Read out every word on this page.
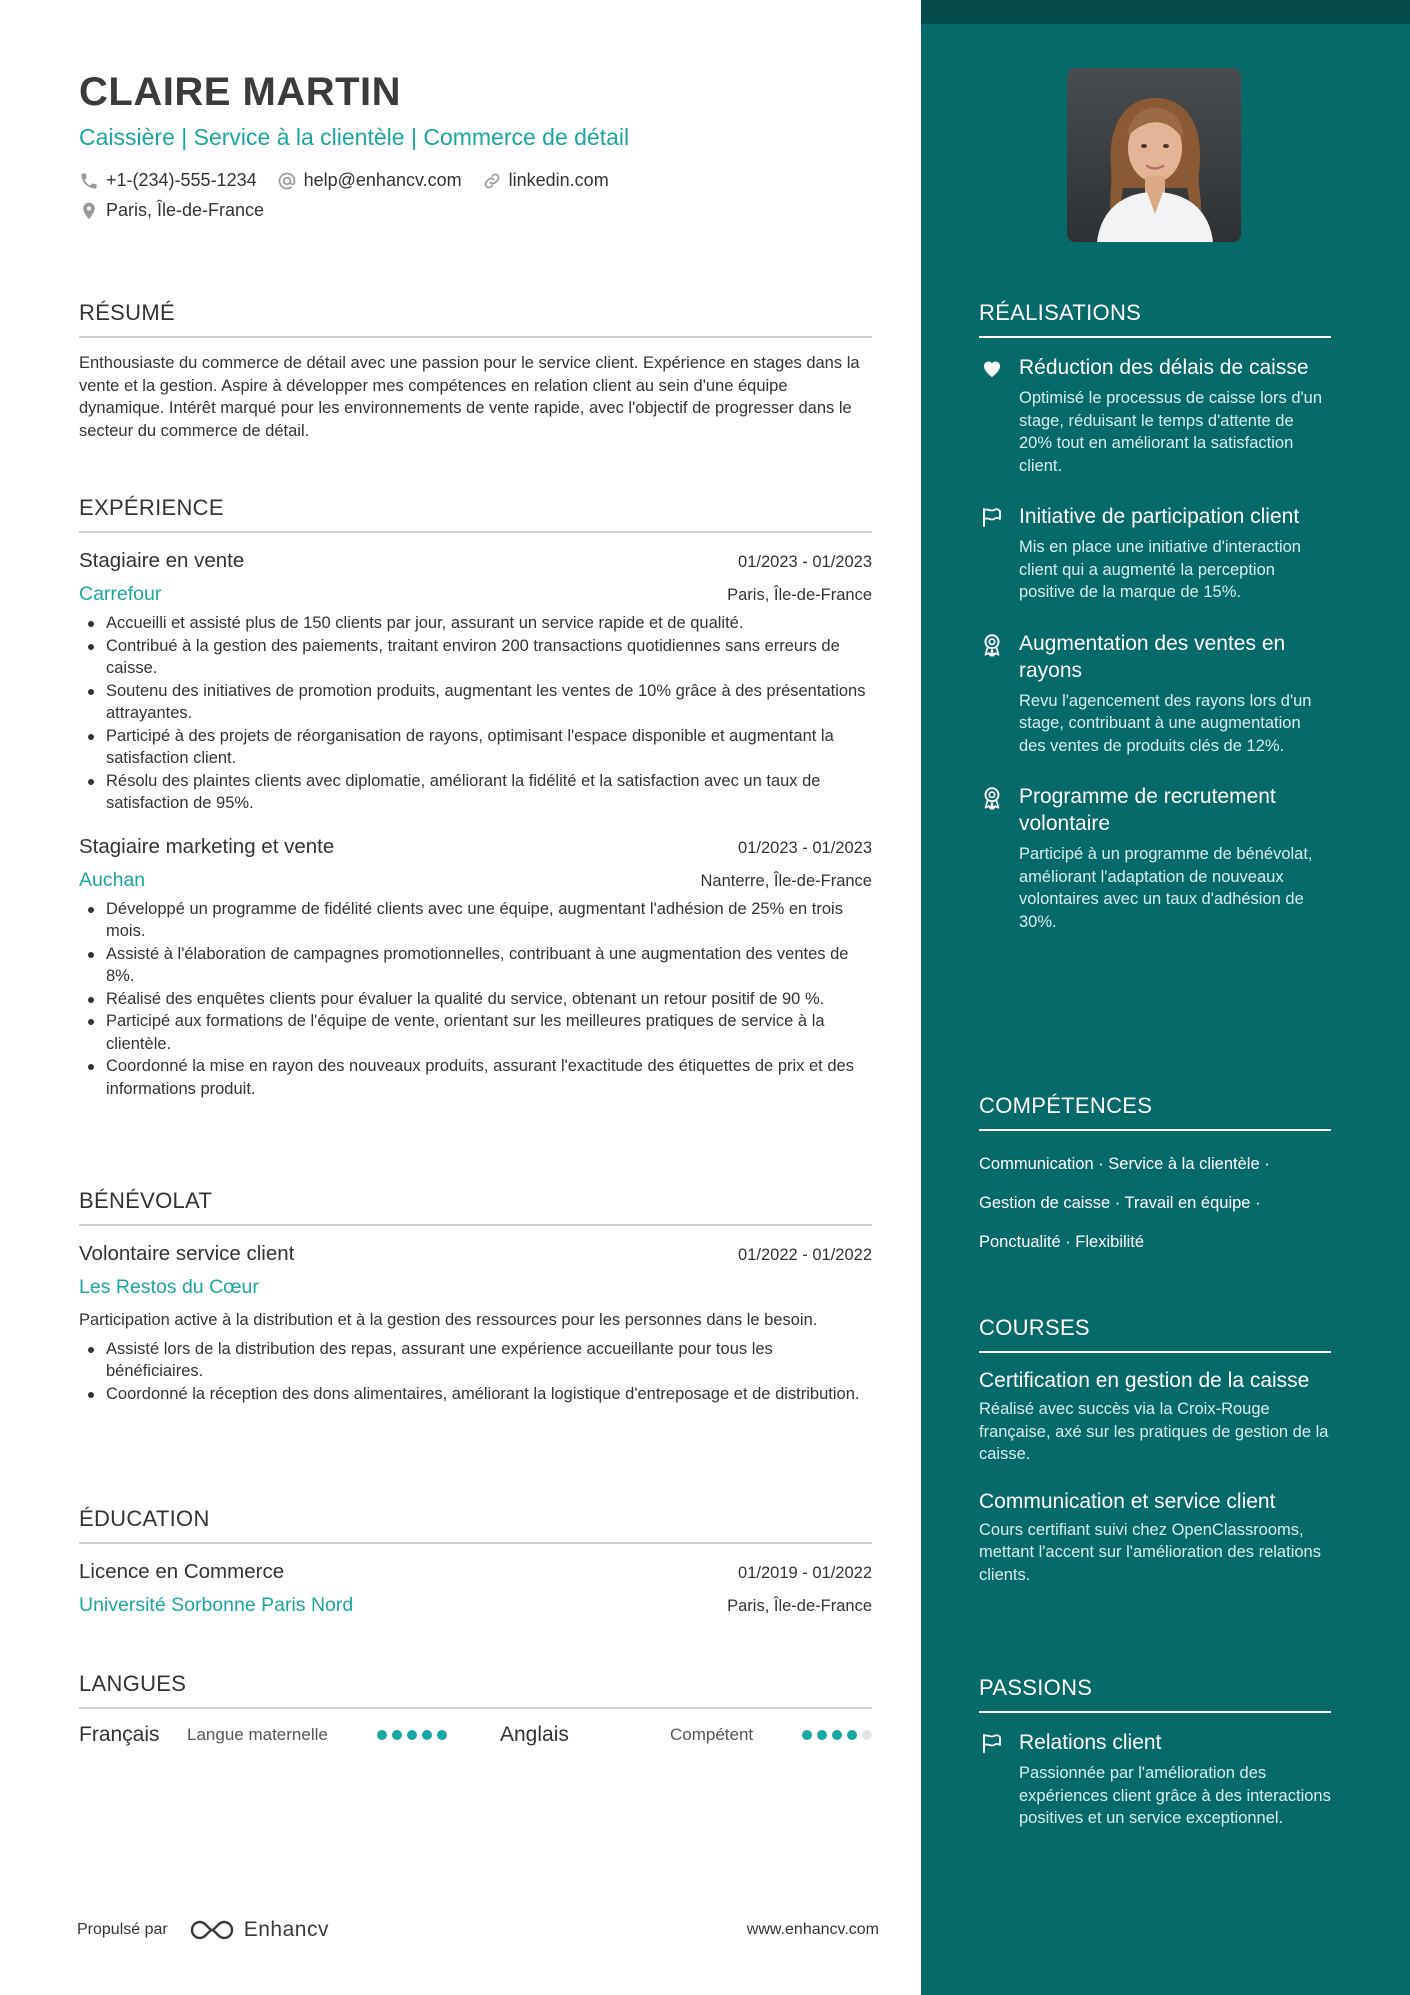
CLAIRE MARTIN
Caissière | Service à la clientèle | Commerce de détail
+1-(234)-555-1234	help@enhancv.com	linkedin.com
Paris, Île-de-France
RÉSUMÉ
Enthousiaste du commerce de détail avec une passion pour le service client. Expérience en stages dans la vente et la gestion. Aspire à développer mes compétences en relation client au sein d'une équipe dynamique. Intérêt marqué pour les environnements de vente rapide, avec l'objectif de progresser dans le secteur du commerce de détail.
EXPÉRIENCE
Stagiaire en vente	01/2023 - 01/2023
Carrefour	Paris, Île-de-France
Accueilli et assisté plus de 150 clients par jour, assurant un service rapide et de qualité.
Contribué à la gestion des paiements, traitant environ 200 transactions quotidiennes sans erreurs de caisse.
Soutenu des initiatives de promotion produits, augmentant les ventes de 10% grâce à des présentations attrayantes.
Participé à des projets de réorganisation de rayons, optimisant l'espace disponible et augmentant la satisfaction client.
Résolu des plaintes clients avec diplomatie, améliorant la fidélité et la satisfaction avec un taux de satisfaction de 95%.
Stagiaire marketing et vente	01/2023 - 01/2023
Auchan	Nanterre, Île-de-France
Développé un programme de fidélité clients avec une équipe, augmentant l'adhésion de 25% en trois mois.
Assisté à l'élaboration de campagnes promotionnelles, contribuant à une augmentation des ventes de 8%.
Réalisé des enquêtes clients pour évaluer la qualité du service, obtenant un retour positif de 90 %.
Participé aux formations de l'équipe de vente, orientant sur les meilleures pratiques de service à la clientèle.
Coordonné la mise en rayon des nouveaux produits, assurant l'exactitude des étiquettes de prix et des informations produit.
BÉNÉVOLAT
Volontaire service client	01/2022 - 01/2022
Les Restos du Cœur
Participation active à la distribution et à la gestion des ressources pour les personnes dans le besoin.
Assisté lors de la distribution des repas, assurant une expérience accueillante pour tous les bénéficiaires.
Coordonné la réception des dons alimentaires, améliorant la logistique d'entreposage et de distribution.
ÉDUCATION
Licence en Commerce	01/2019 - 01/2022
Université Sorbonne Paris Nord	Paris, Île-de-France
LANGUES
Français	Langue maternelle	Anglais	Compétent
Propulsé par	Enhancv	www.enhancv.com
RÉALISATIONS
Réduction des délais de caisse
Optimisé le processus de caisse lors d'un stage, réduisant le temps d'attente de 20% tout en améliorant la satisfaction client.
Initiative de participation client
Mis en place une initiative d'interaction client qui a augmenté la perception positive de la marque de 15%.
Augmentation des ventes en rayons
Revu l'agencement des rayons lors d'un stage, contribuant à une augmentation des ventes de produits clés de 12%.
Programme de recrutement volontaire
Participé à un programme de bénévolat, améliorant l'adaptation de nouveaux volontaires avec un taux d'adhésion de 30%.
COMPÉTENCES
Communication · Service à la clientèle ·
Gestion de caisse · Travail en équipe ·
Ponctualité · Flexibilité
COURSES
Certification en gestion de la caisse
Réalisé avec succès via la Croix-Rouge française, axé sur les pratiques de gestion de la caisse.
Communication et service client
Cours certifiant suivi chez OpenClassrooms, mettant l'accent sur l'amélioration des relations clients.
PASSIONS
Relations client
Passionnée par l'amélioration des expériences client grâce à des interactions positives et un service exceptionnel.
